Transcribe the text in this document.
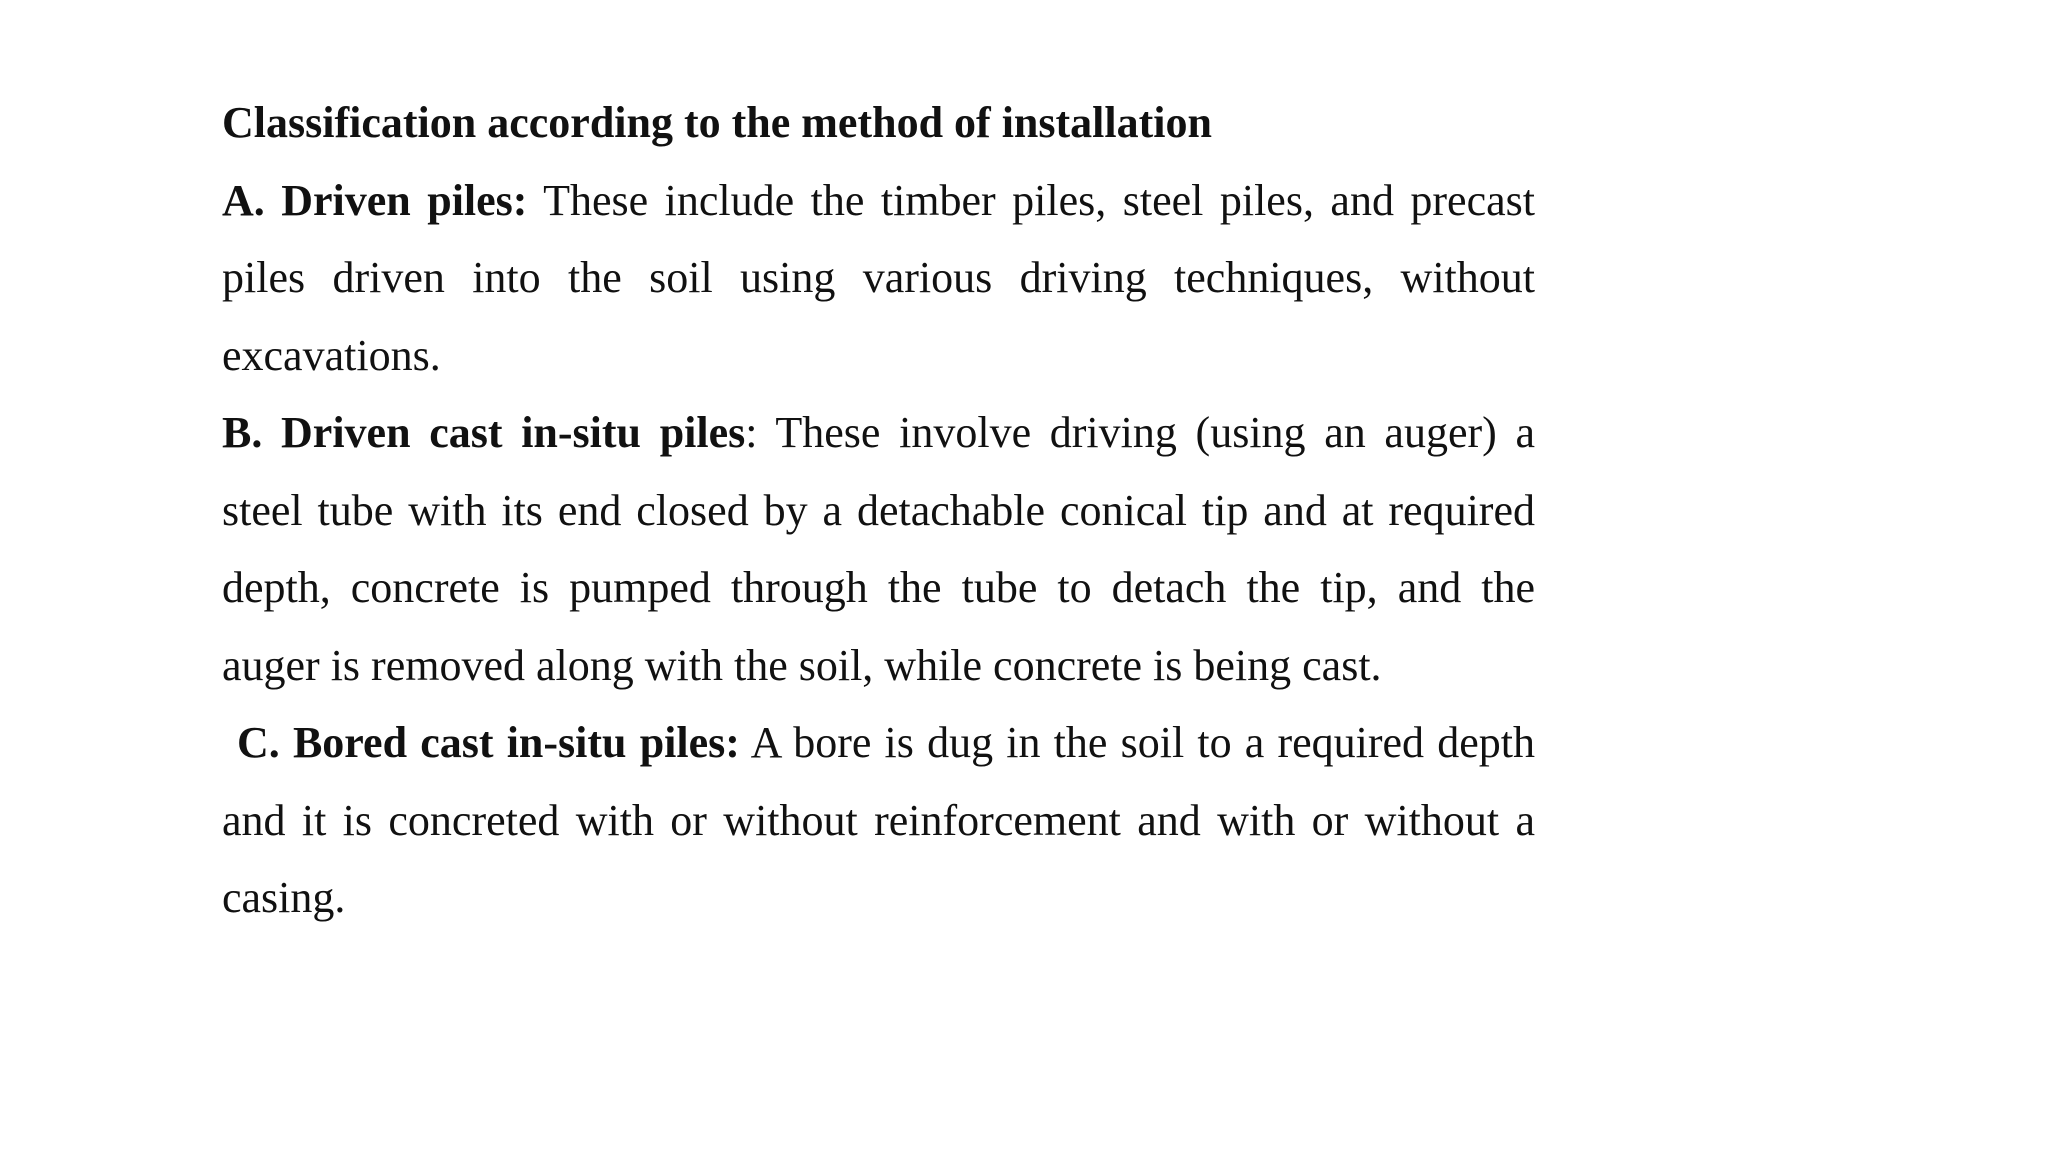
Classification according to the method of installation

A. Driven piles: These include the timber piles, steel piles, and precast piles driven into the soil using various driving techniques, without excavations.

B. Driven cast in-situ piles: These involve driving (using an auger) a steel tube with its end closed by a detachable conical tip and at required depth, concrete is pumped through the tube to detach the tip, and the auger is removed along with the soil, while concrete is being cast.

C. Bored cast in-situ piles: A bore is dug in the soil to a required depth and it is concreted with or without reinforcement and with or without a casing.
